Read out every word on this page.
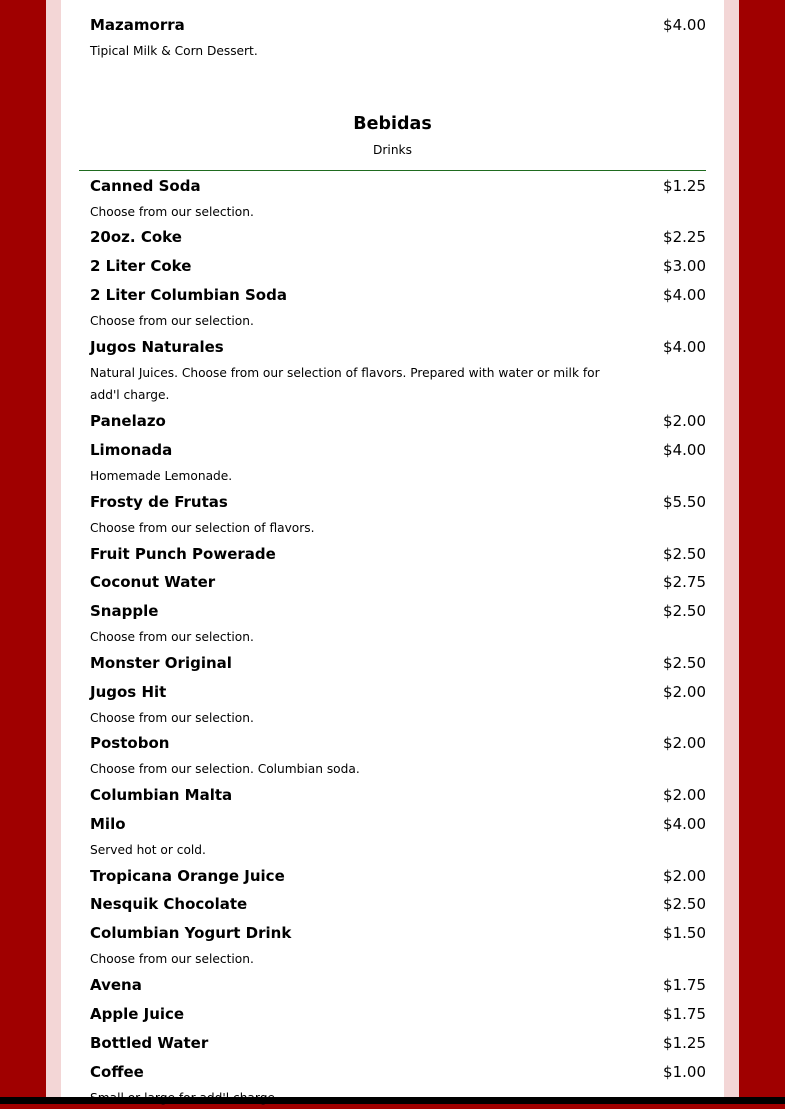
Mazamorra	$4.00
Tipical Milk & Corn Dessert.
Bebidas
Drinks
Canned Soda	$1.25
Choose from our selection.
20oz. Coke	$2.25
2 Liter Coke	$3.00
2 Liter Columbian Soda	$4.00
Choose from our selection.
Jugos Naturales	$4.00
Natural Juices. Choose from our selection of flavors. Prepared with water or milk for add'l charge.
Panelazo	$2.00
Limonada	$4.00
Homemade Lemonade.
Frosty de Frutas	$5.50
Choose from our selection of flavors.
Fruit Punch Powerade	$2.50
Coconut Water	$2.75
Snapple	$2.50
Choose from our selection.
Monster Original	$2.50
Jugos Hit	$2.00
Choose from our selection.
Postobon	$2.00
Choose from our selection. Columbian soda.
Columbian Malta	$2.00
Milo	$4.00
Served hot or cold.
Tropicana Orange Juice	$2.00
Nesquik Chocolate	$2.50
Columbian Yogurt Drink	$1.50
Choose from our selection.
Avena	$1.75
Apple Juice	$1.75
Bottled Water	$1.25
Coffee	$1.00
